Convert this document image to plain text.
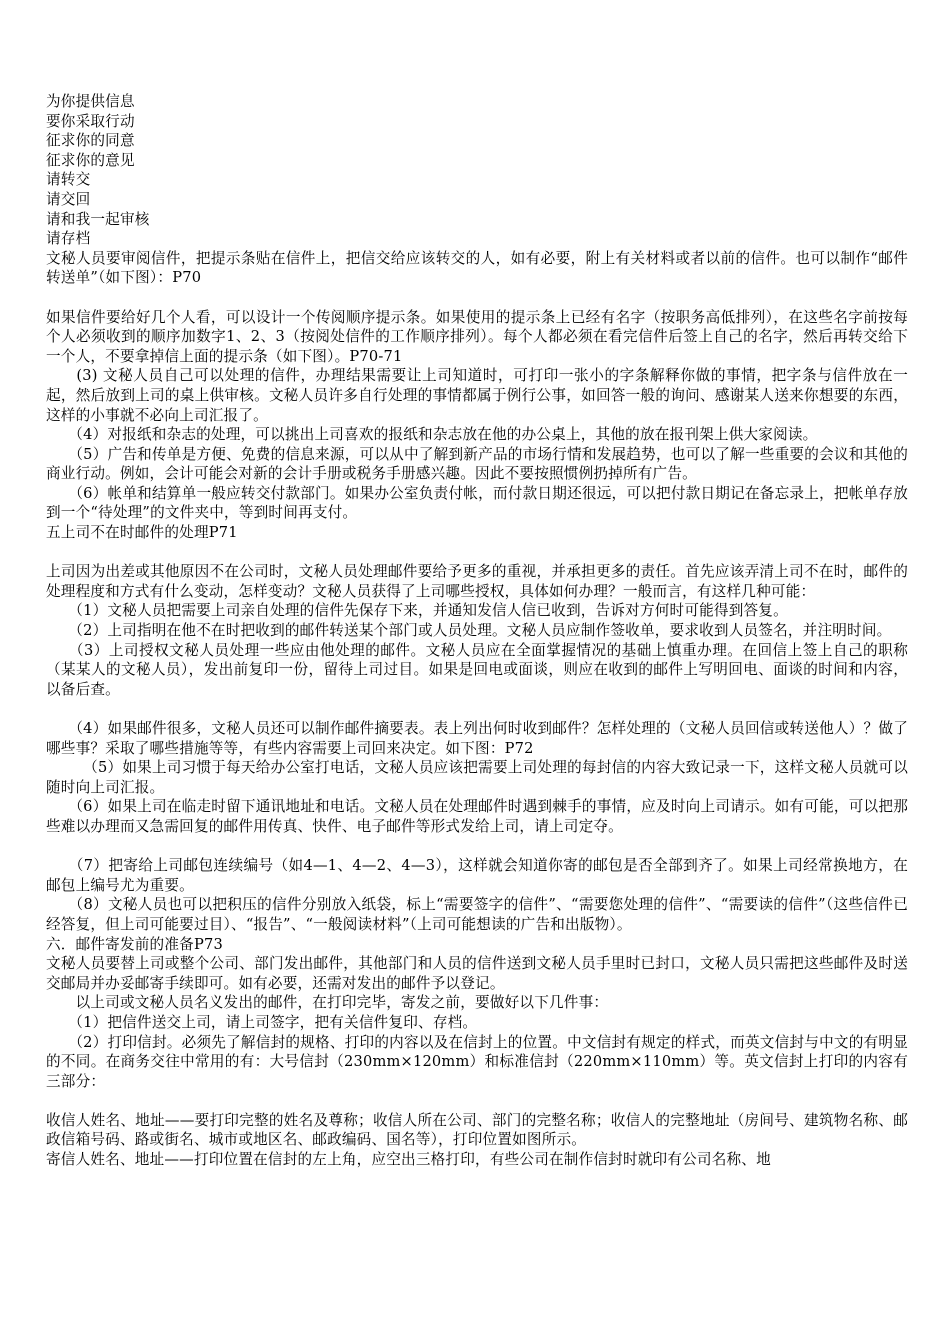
为你提供信息

要你采取行动

征求你的同意

征求你的意见

请转交

请交回

请和我一起审核

请存档

文秘人员要审阅信件，把提示条贴在信件上，把信交给应该转交的人，如有必要，附上有关材料或者以前的信件。也可以制作“邮件转送单”（如下图）：P70

如果信件要给好几个人看，可以设计一个传阅顺序提示条。如果使用的提示条上已经有名字（按职务高低排列），在这些名字前按每个人必须收到的顺序加数字1、2、3（按阅处信件的工作顺序排列）。每个人都必须在看完信件后签上自己的名字，然后再转交给下一个人，不要拿掉信上面的提示条（如下图）。P70-71

　　(3) 文秘人员自己可以处理的信件，办理结果需要让上司知道时，可打印一张小的字条解释你做的事情，把字条与信件放在一起，然后放到上司的桌上供审核。文秘人员许多自行处理的事情都属于例行公事，如回答一般的询问、感谢某人送来你想要的东西，这样的小事就不必向上司汇报了。

　　（4）对报纸和杂志的处理，可以挑出上司喜欢的报纸和杂志放在他的办公桌上，其他的放在报刊架上供大家阅读。

　　（5）广告和传单是方便、免费的信息来源，可以从中了解到新产品的市场行情和发展趋势，也可以了解一些重要的会议和其他的商业行动。例如，会计可能会对新的会计手册或税务手册感兴趣。因此不要按照惯例扔掉所有广告。

　　（6）帐单和结算单一般应转交付款部门。如果办公室负责付帐，而付款日期还很远，可以把付款日期记在备忘录上，把帐单存放到一个“待处理”的文件夹中，等到时间再支付。

五上司不在时邮件的处理P71

上司因为出差或其他原因不在公司时，文秘人员处理邮件要给予更多的重视，并承担更多的责任。首先应该弄清上司不在时，邮件的处理程度和方式有什么变动，怎样变动？文秘人员获得了上司哪些授权，具体如何办理？一般而言，有这样几种可能：

　　（1）文秘人员把需要上司亲自处理的信件先保存下来，并通知发信人信已收到，告诉对方何时可能得到答复。

　　（2）上司指明在他不在时把收到的邮件转送某个部门或人员处理。文秘人员应制作签收单，要求收到人员签名，并注明时间。

　　（3）上司授权文秘人员处理一些应由他处理的邮件。文秘人员应在全面掌握情况的基础上慎重办理。在回信上签上自己的职称（某某人的文秘人员），发出前复印一份，留待上司过目。如果是回电或面谈，则应在收到的邮件上写明回电、面谈的时间和内容，以备后查。

　　（4）如果邮件很多，文秘人员还可以制作邮件摘要表。表上列出何时收到邮件？怎样处理的（文秘人员回信或转送他人）？做了哪些事？采取了哪些措施等等，有些内容需要上司回来决定。如下图：P72

　　　（5）如果上司习惯于每天给办公室打电话，文秘人员应该把需要上司处理的每封信的内容大致记录一下，这样文秘人员就可以随时向上司汇报。

　　（6）如果上司在临走时留下通讯地址和电话。文秘人员在处理邮件时遇到棘手的事情，应及时向上司请示。如有可能，可以把那些难以办理而又急需回复的邮件用传真、快件、电子邮件等形式发给上司，请上司定夺。

　　（7）把寄给上司邮包连续编号（如4—1、4—2、4—3），这样就会知道你寄的邮包是否全部到齐了。如果上司经常换地方，在邮包上编号尤为重要。

　　（8）文秘人员也可以把积压的信件分别放入纸袋，标上“需要签字的信件”、“需要您处理的信件”、“需要读的信件”（这些信件已经答复，但上司可能要过目）、“报告”、“一般阅读材料”（上司可能想读的广告和出版物）。

六．邮件寄发前的准备P73

文秘人员要替上司或整个公司、部门发出邮件，其他部门和人员的信件送到文秘人员手里时已封口，文秘人员只需把这些邮件及时送交邮局并办妥邮寄手续即可。如有必要，还需对发出的邮件予以登记。

　　以上司或文秘人员名义发出的邮件，在打印完毕，寄发之前，要做好以下几件事：

　　（1）把信件送交上司，请上司签字，把有关信件复印、存档。

　　（2）打印信封。必须先了解信封的规格、打印的内容以及在信封上的位置。中文信封有规定的样式，而英文信封与中文的有明显的不同。在商务交往中常用的有：大号信封（230mm×120mm）和标准信封（220mm×110mm）等。英文信封上打印的内容有三部分：

收信人姓名、地址——要打印完整的姓名及尊称；收信人所在公司、部门的完整名称；收信人的完整地址（房间号、建筑物名称、邮政信箱号码、路或街名、城市或地区名、邮政编码、国名等），打印位置如图所示。

寄信人姓名、地址——打印位置在信封的左上角，应空出三格打印，有些公司在制作信封时就印有公司名称、地
